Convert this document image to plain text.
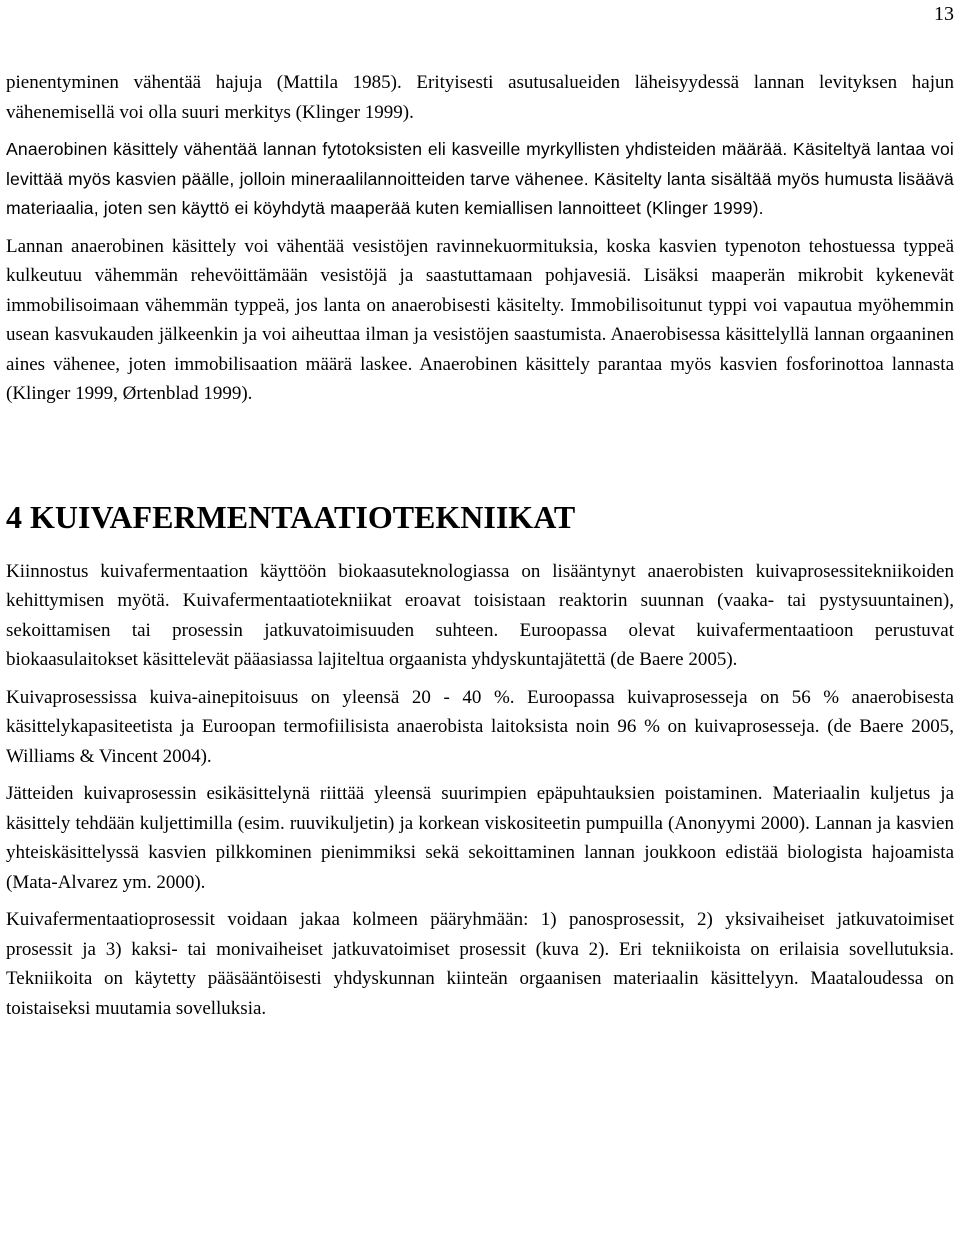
13

pienentyminen vähentää hajuja (Mattila 1985). Erityisesti asutusalueiden läheisyydessä lannan levityksen hajun vähenemisellä voi olla suuri merkitys (Klinger 1999).

Anaerobinen käsittely vähentää lannan fytotoksisten eli kasveille myrkyllisten yhdisteiden määrää. Käsiteltyä lantaa voi levittää myös kasvien päälle, jolloin mineraalilannoitteiden tarve vähenee. Käsitelty lanta sisältää myös humusta lisäävä materiaalia, joten sen käyttö ei köyhdytä maaperää kuten kemiallisen lannoitteet (Klinger 1999).

Lannan anaerobinen käsittely voi vähentää vesistöjen ravinnekuormituksia, koska kasvien typenoton tehostuessa typpeä kulkeutuu vähemmän rehevöittämään vesistöjä ja saastuttamaan pohjavesiä. Lisäksi maaperän mikrobit kykenevät immobilisoimaan vähemmän typpeä, jos lanta on anaerobisesti käsitelty. Immobilisoitunut typpi voi vapautua myöhemmin usean kasvukauden jälkeenkin ja voi aiheuttaa ilman ja vesistöjen saastumista. Anaerobisessa käsittelyllä lannan orgaaninen aines vähenee, joten immobilisaation määrä laskee. Anaerobinen käsittely parantaa myös kasvien fosforinottoa lannasta (Klinger 1999, Ørtenblad 1999).

4 KUIVAFERMENTAATIOTEKNIIKAT

Kiinnostus kuivafermentaation käyttöön biokaasuteknologiassa on lisääntynyt anaerobisten kuivaprosessitekniikoiden kehittymisen myötä. Kuivafermentaatiotekniikat eroavat toisistaan reaktorin suunnan (vaaka- tai pystysuuntainen), sekoittamisen tai prosessin jatkuvatoimisuuden suhteen. Euroopassa olevat kuivafermentaatioon perustuvat biokaasulaitokset käsittelevät pääasiassa lajiteltua orgaanista yhdyskuntajätettä (de Baere 2005).

Kuivaprosessissa kuiva-ainepitoisuus on yleensä 20 - 40 %. Euroopassa kuivaprosesseja on 56 % anaerobisesta käsittelykapasiteetista ja Euroopan termofiilisista anaerobista laitoksista noin 96 % on kuivaprosesseja. (de Baere 2005, Williams & Vincent 2004).

Jätteiden kuivaprosessin esikäsittelynä riittää yleensä suurimpien epäpuhtauksien poistaminen. Materiaalin kuljetus ja käsittely tehdään kuljettimilla (esim. ruuvikuljetin) ja korkean viskositeetin pumpuilla (Anonyymi 2000). Lannan ja kasvien yhteiskäsittelyssä kasvien pilkkominen pienimmiksi sekä sekoittaminen lannan joukkoon edistää biologista hajoamista (Mata-Alvarez ym. 2000).

Kuivafermentaatioprosessit voidaan jakaa kolmeen pääryhmään: 1) panosprosessit, 2) yksivaiheiset jatkuvatoimiset prosessit ja 3) kaksi- tai monivaiheiset jatkuvatoimiset prosessit (kuva 2). Eri tekniikoista on erilaisia sovellutuksia. Tekniikoita on käytetty pääsääntöisesti yhdyskunnan kiinteän orgaanisen materiaalin käsittelyyn. Maataloudessa on toistaiseksi muutamia sovelluksia.
